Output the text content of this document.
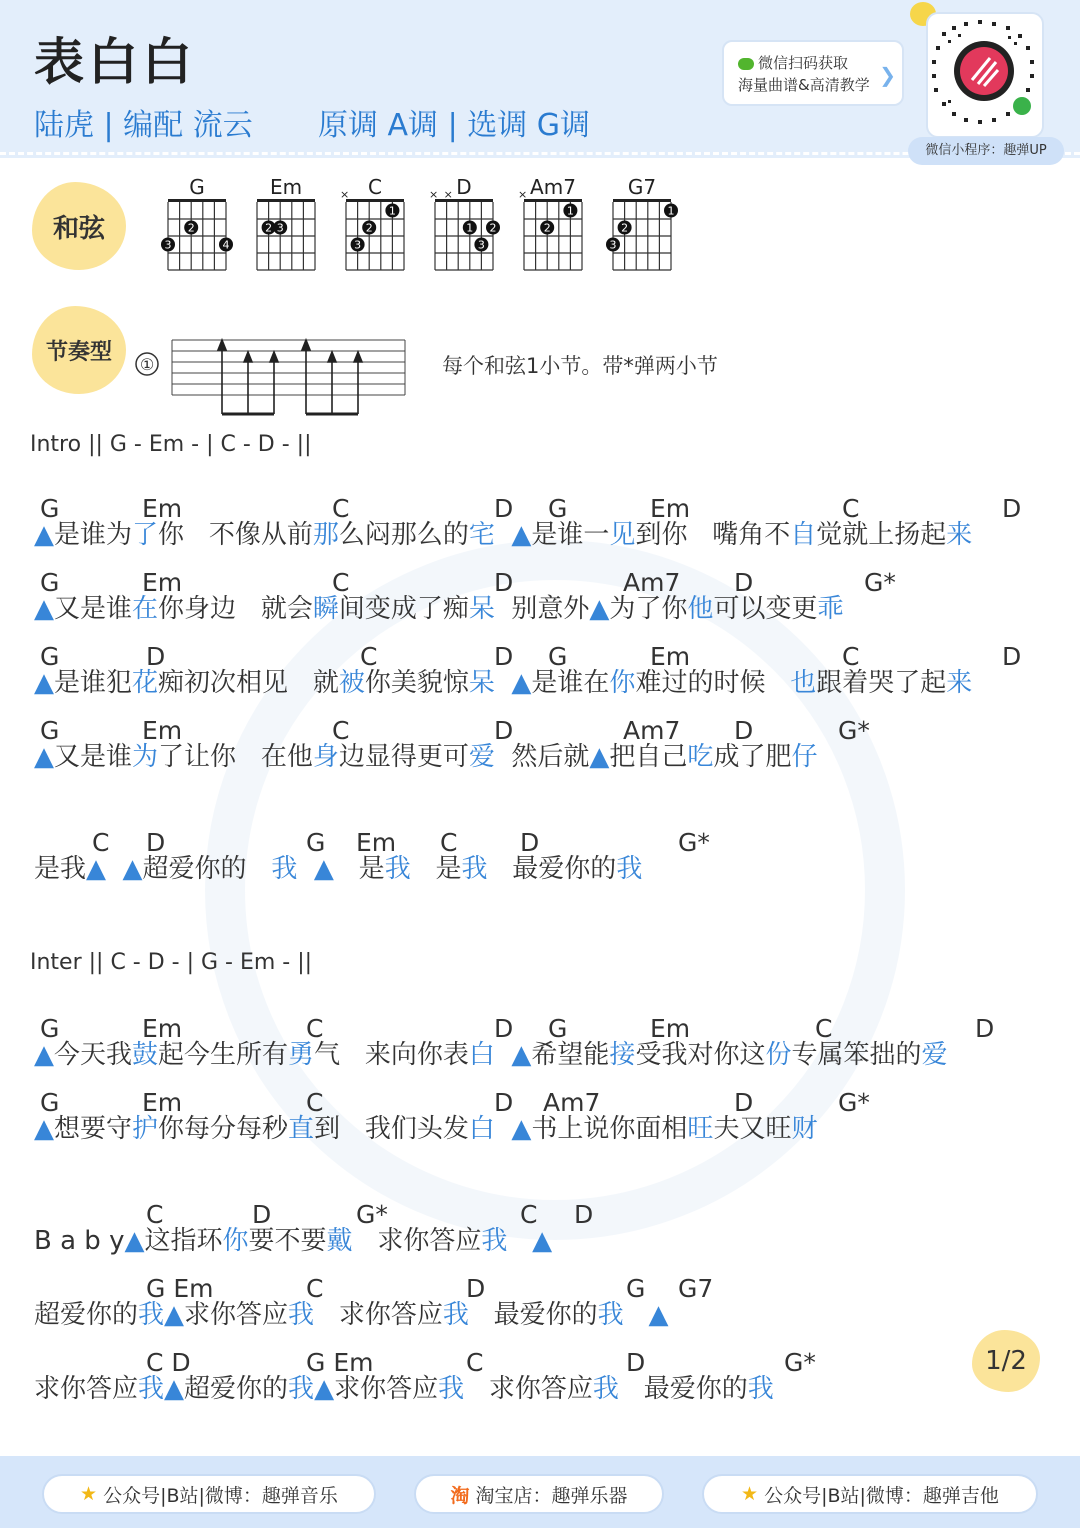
表白白
陆虎 | 编配 流云 原调 A调 | 选调 G调
微信扫码获取
海量曲谱&高清教学 ❯
微信小程序：趣弹UP
和弦
节奏型
G
2
3	4
Em
2 3
C
×
1
2
3
D
× ×
1 2
3
Am7
×
1
2
G7
1
2
3
①	每个和弦1小节。带*弹两小节
Intro || G - Em - | C - D - ||
Inter || C - D - | G - Em - ||
G	Em	C	D G	Em	C	D
G	Em	C	D	Am7 D	G*
G	D	C	D G	Em	C	D
G	Em	C	D	Am7 D	G*
C D	G Em C	D	G*
G	Em	C	D G	Em	C	D
G	Em	C	D Am7	D	G*
C	D	G*	C D
G Em	C	D	G G7
C D	G Em	C	D	G*
▲是谁为了你   不像从前那么闷那么的宅 ▲是谁一见到你   嘴角不自觉就上扬起来
▲又是谁在你身边   就会瞬间变成了痴呆  别意外▲为了你他可以变更乖
▲是谁犯花痴初次相见   就被你美貌惊呆 ▲是谁在你难过的时候   也跟着哭了起来
▲又是谁为了让你   在他身边显得更可爱  然后就▲把自己吃成了肥仔
是我▲ ▲超爱你的   我 ▲   是我   是我   最爱你的我
▲今天我鼓起今生所有勇气   来向你表白 ▲希望能接受我对你这份专属笨拙的爱
▲想要守护你每分每秒直到   我们头发白 ▲书上说你面相旺夫又旺财
B a b y▲这指环你要不要戴   求你答应我 ▲
超爱你的我▲求你答应我   求你答应我   最爱你的我 ▲
求你答应我▲超爱你的我▲求你答应我   求你答应我   最爱你的我
1/2
★ 公众号|B站|微博：趣弹音乐	淘 淘宝店：趣弹乐器	★ 公众号|B站|微博：趣弹吉他
